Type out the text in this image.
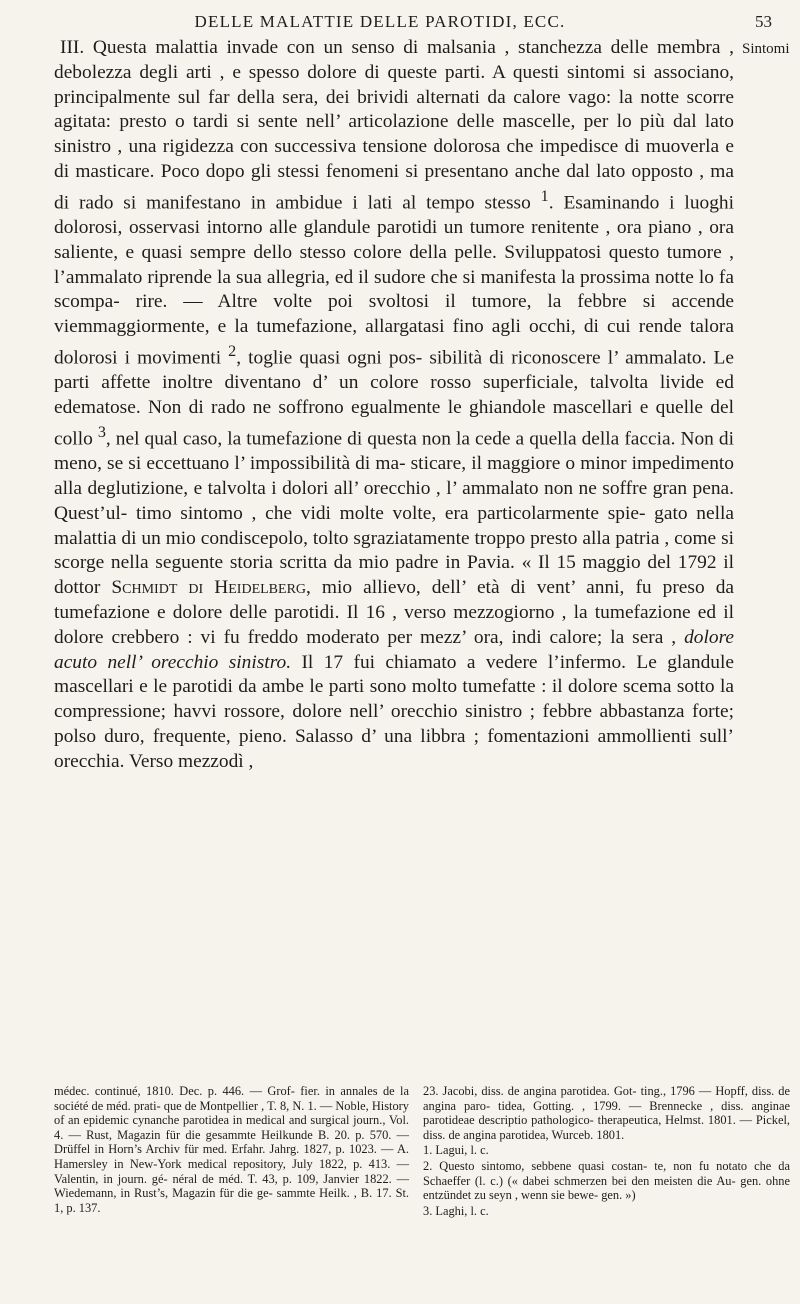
DELLE MALATTIE DELLE PAROTIDI, ECC.	53
Sintomi

III. Questa malattia invade con un senso di malsania , stanchezza delle membra , debolezza degli arti , e spesso dolore di queste parti. A questi sintomi si associano, principalmente sul far della sera, dei brividi alternati da calore vago: la notte scorre agitata: presto o tardi si sente nell’ articolazione delle mascelle, per lo più dal lato sinistro , una rigidezza con successiva tensione dolorosa che impedisce di muoverla e di masticare. Poco dopo gli stessi fenomeni si presentano anche dal lato opposto , ma di rado si manifestano in ambidue i lati al tempo stesso $^1$. Esaminando i luoghi dolorosi, osservasi intorno alle glandule parotidi un tumore renitente , ora piano , ora saliente, e quasi sempre dello stesso colore della pelle. Sviluppatosi questo tumore , l’ammalato riprende la sua allegria, ed il sudore che si manifesta la prossima notte lo fa scompa- rire. — Altre volte poi svoltosi il tumore, la febbre si accende viemmaggiormente, e la tumefazione, allargatasi fino agli occhi, di cui rende talora dolorosi i movimenti $^2$, toglie quasi ogni pos- sibilità di riconoscere l’ ammalato. Le parti affette inoltre diventano d’ un colore rosso superficiale, talvolta livide ed edematose. Non di rado ne soffrono egualmente le ghiandole mascellari e quelle del collo $^3$, nel qual caso, la tumefazione di questa non la cede a quella della faccia. Non di meno, se si eccettuano l’ impossibilità di ma- sticare, il maggiore o minor impedimento alla deglutizione, e talvolta i dolori all’ orecchio , l’ ammalato non ne soffre gran pena. Quest’ul- timo sintomo , che vidi molte volte, era particolarmente spie- gato nella malattia di un mio condiscepolo, tolto sgraziatamente troppo presto alla patria , come si scorge nella seguente storia scritta da mio padre in Pavia. « Il 15 maggio del 1792 il dottor Schmidt di Heidelberg, mio allievo, dell’ età di vent’ anni, fu preso da tumefazione e dolore delle parotidi. Il 16 , verso mezzogiorno , la tumefazione ed il dolore crebbero : vi fu freddo moderato per mezz’ ora, indi calore; la sera , dolore acuto nell’ orecchio sinistro. Il 17 fui chiamato a vedere l’infermo. Le glandule mascellari e le parotidi da ambe le parti sono molto tumefatte : il dolore scema sotto la compressione; havvi rossore, dolore nell’ orecchio sinistro ; febbre abbastanza forte; polso duro, frequente, pieno. Salasso d’ una libbra ; fomentazioni ammollienti sull’ orecchia. Verso mezzodì ,

médec. continué, 1810. Dec. p. 446. — Grof- fier. in annales de la société de méd. prati- que de Montpellier , T. 8, N. 1. — Noble, History of an epidemic cynanche parotidea in medical and surgical journ., Vol. 4. — Rust, Magazin für die gesammte Heilkunde B. 20. p. 570. — Drüffel in Horn’s Archiv für med. Erfahr. Jahrg. 1827, p. 1023. — A. Hamersley in New-York medical repository, July 1822, p. 413. — Valentin, in journ. gé- néral de méd. T. 43, p. 109, Janvier 1822. — Wiedemann, in Rust’s, Magazin für die ge- sammte Heilk. , B. 17. St. 1, p. 137.

23. Jacobi, diss. de angina parotidea. Got- ting., 1796 — Hopff, diss. de angina paro- tidea, Gotting. , 1799. — Brennecke , diss. anginae parotideae descriptio pathologico- therapeutica, Helmst. 1801. — Pickel, diss. de angina parotidea, Wurceb. 1801.

1. Lagui, l. c.

2. Questo sintomo, sebbene quasi costan- te, non fu notato che da Schaeffer (l. c.) (« dabei schmerzen bei den meisten die Au- gen. ohne entzündet zu seyn , wenn sie bewe- gen. »)

3. Laghi, l. c.
